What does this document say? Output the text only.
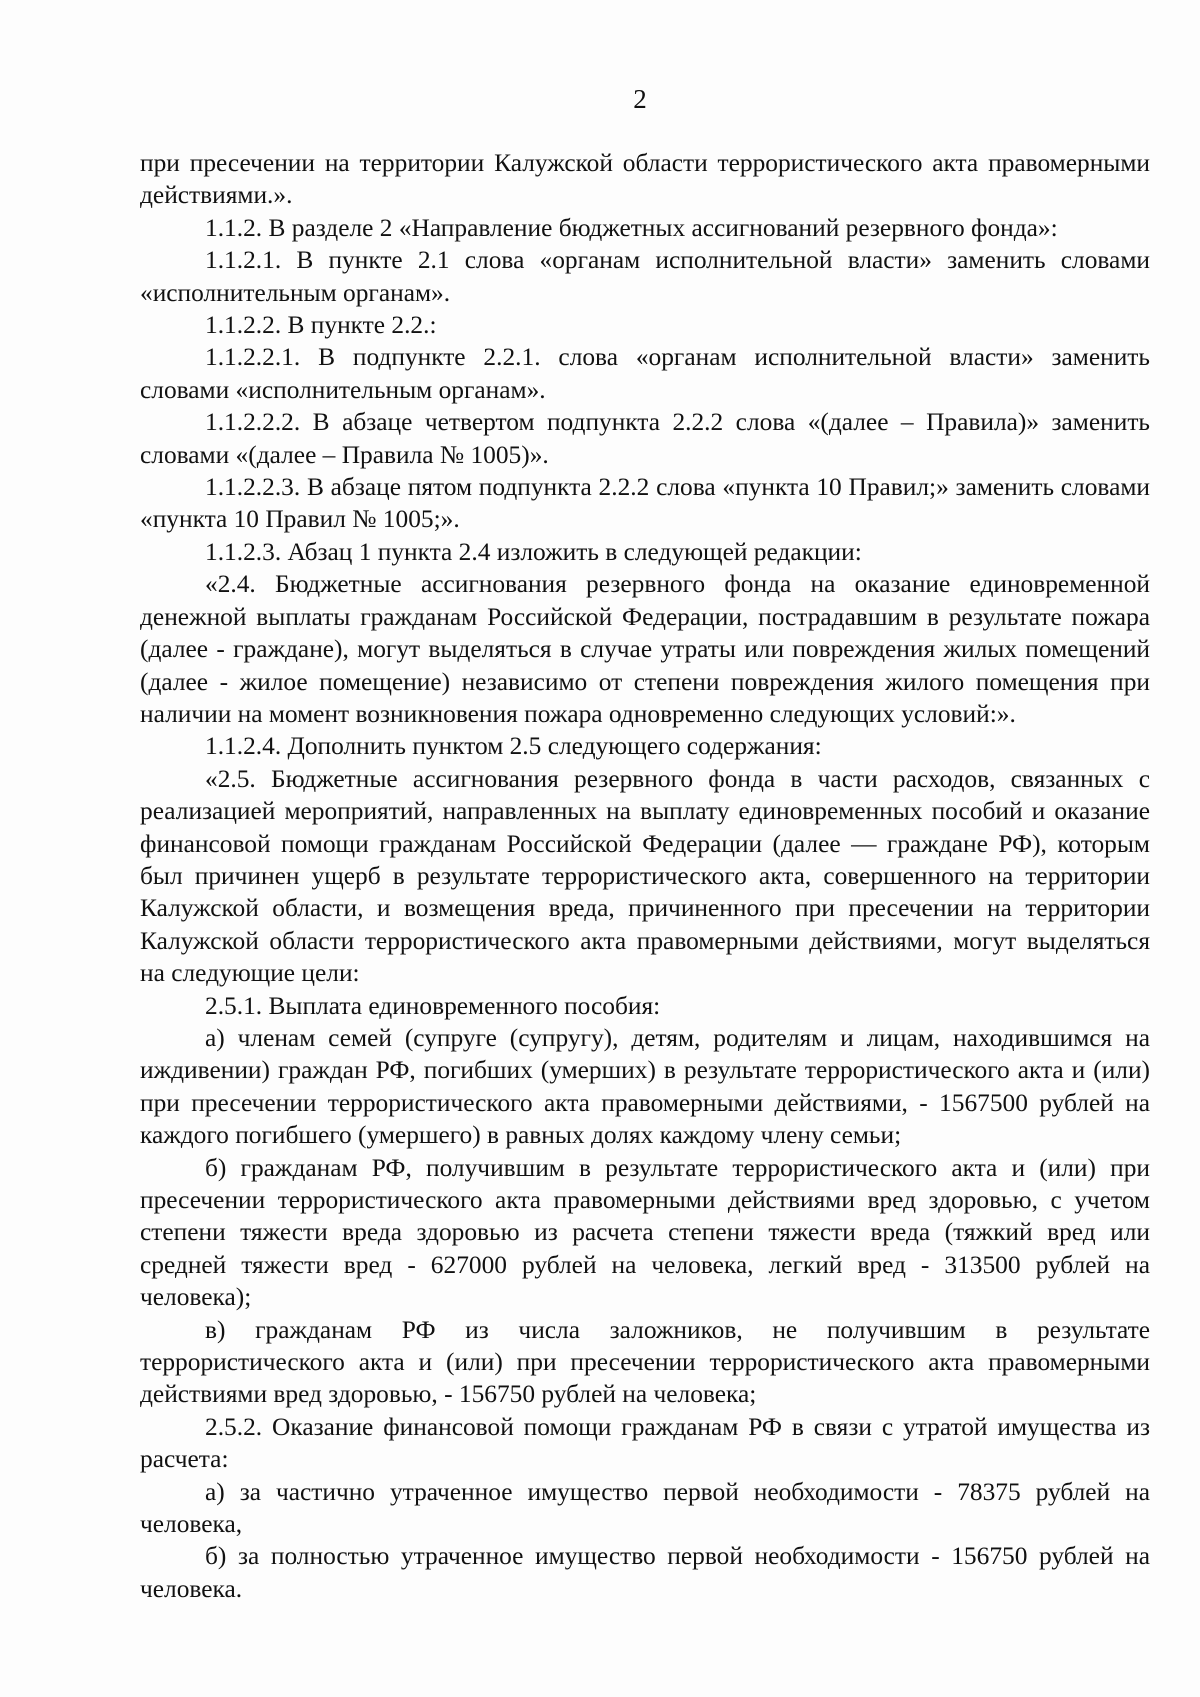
2

при пресечении на территории Калужской области террористического акта правомерными действиями.».

1.1.2. В разделе 2 «Направление бюджетных ассигнований резервного фонда»:

1.1.2.1. В пункте 2.1 слова «органам исполнительной власти» заменить словами «исполнительным органам».

1.1.2.2. В пункте 2.2.:

1.1.2.2.1. В подпункте 2.2.1. слова «органам исполнительной власти» заменить словами «исполнительным органам».

1.1.2.2.2. В абзаце четвертом подпункта 2.2.2 слова «(далее – Правила)» заменить словами «(далее – Правила № 1005)».

1.1.2.2.3. В абзаце пятом подпункта 2.2.2 слова «пункта 10 Правил;» заменить словами «пункта 10 Правил № 1005;».

1.1.2.3. Абзац 1 пункта 2.4 изложить в следующей редакции:

«2.4. Бюджетные ассигнования резервного фонда на оказание единовременной денежной выплаты гражданам Российской Федерации, пострадавшим в результате пожара (далее - граждане), могут выделяться в случае утраты или повреждения жилых помещений (далее - жилое помещение) независимо от степени повреждения жилого помещения при наличии на момент возникновения пожара одновременно следующих условий:».

1.1.2.4. Дополнить пунктом 2.5 следующего содержания:

«2.5. Бюджетные ассигнования резервного фонда в части расходов, связанных с реализацией мероприятий, направленных на выплату единовременных пособий и оказание финансовой помощи гражданам Российской Федерации (далее — граждане РФ), которым был причинен ущерб в результате террористического акта, совершенного на территории Калужской области, и возмещения вреда, причиненного при пресечении на территории Калужской области террористического акта правомерными действиями, могут выделяться на следующие цели:

2.5.1. Выплата единовременного пособия:

а) членам семей (супруге (супругу), детям, родителям и лицам, находившимся на иждивении) граждан РФ, погибших (умерших) в результате террористического акта и (или) при пресечении террористического акта правомерными действиями, - 1567500 рублей на каждого погибшего (умершего) в равных долях каждому члену семьи;

б) гражданам РФ, получившим в результате террористического акта и (или) при пресечении террористического акта правомерными действиями вред здоровью, с учетом степени тяжести вреда здоровью из расчета степени тяжести вреда (тяжкий вред или средней тяжести вред - 627000 рублей на человека, легкий вред - 313500 рублей на человека);

в) гражданам РФ из числа заложников, не получившим в результате террористического акта и (или) при пресечении террористического акта правомерными действиями вред здоровью, - 156750 рублей на человека;

2.5.2. Оказание финансовой помощи гражданам РФ в связи с утратой имущества из расчета:

а) за частично утраченное имущество первой необходимости - 78375 рублей на человека,

б) за полностью утраченное имущество первой необходимости - 156750 рублей на человека.
